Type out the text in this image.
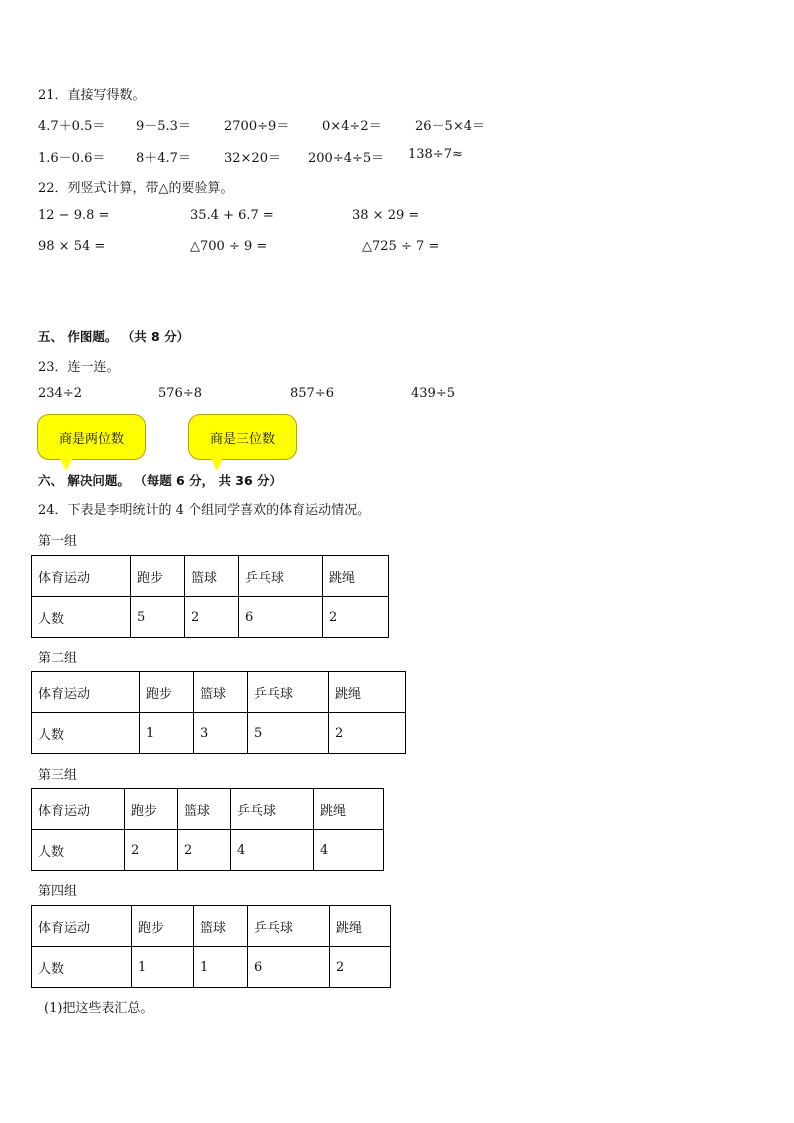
21．直接写得数。
4.7＋0.5＝ 9－5.3＝	2700÷9＝	0×4÷2＝	26－5×4＝
1.6－0.6＝ 8＋4.7＝	32×20＝ 200÷4÷5＝ 138÷7≈
22．列竖式计算，带△的要验算。
12 − 9.8 =	35.4 + 6.7 =	38 × 29 =
98 × 54 =	△700 ÷ 9 =	△725 ÷ 7 =
五、 作图题。 （共 8 分）
23．连一连。
234÷2	576÷8	857÷6	439÷5
商是两位数	商是三位数
六、 解决问题。 （每题 6 分， 共 36 分）
24．下表是李明统计的 4 个组同学喜欢的体育运动情况。
第一组
体育运动	跑步	篮球	乒乓球	跳绳
人数	5	2	6	2
第二组
体育运动	跑步	篮球	乒乓球	跳绳
人数	1	3	5	2
第三组
体育运动	跑步	篮球	乒乓球	跳绳
人数	2	2	4	4
第四组
体育运动	跑步	篮球	乒乓球	跳绳
人数	1	1	6	2
(1)把这些表汇总。
